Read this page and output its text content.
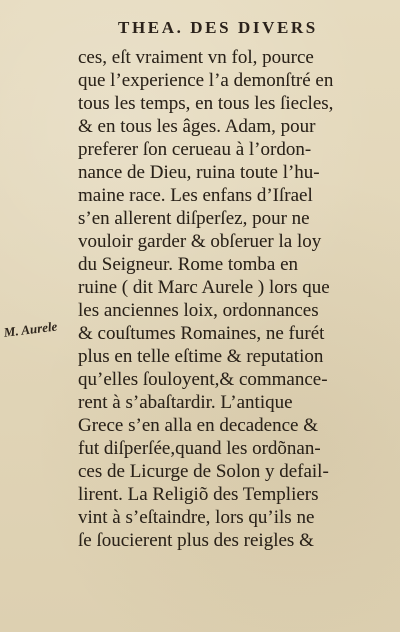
THEA. DES DIVERS
M. Aurele
ces, eſt vraiment vn fol, pource
que l’experience l’a demonſtré en
tous les temps, en tous les ſiecles,
& en tous les âges. Adam, pour
preferer ſon cerueau à l’ordon-
nance de Dieu, ruina toute l’hu-
maine race. Les enfans d’Iſrael
s’en allerent diſperſez, pour ne
vouloir garder & obſeruer la loy
du Seigneur. Rome tomba en
ruine ( dit Marc Aurele ) lors que
les anciennes loix, ordonnances
& couſtumes Romaines, ne furét
plus en telle eſtime & reputation
qu’elles ſouloyent,& commance-
rent à s’abaſtardir. L’antique
Grece s’en alla en decadence &
fut diſperſée,quand les ordõnan-
ces de Licurge de Solon y defail-
lirent. La Religiõ des Templiers
vint à s’eſtaindre, lors qu’ils ne
ſe ſoucierent plus des reigles &
